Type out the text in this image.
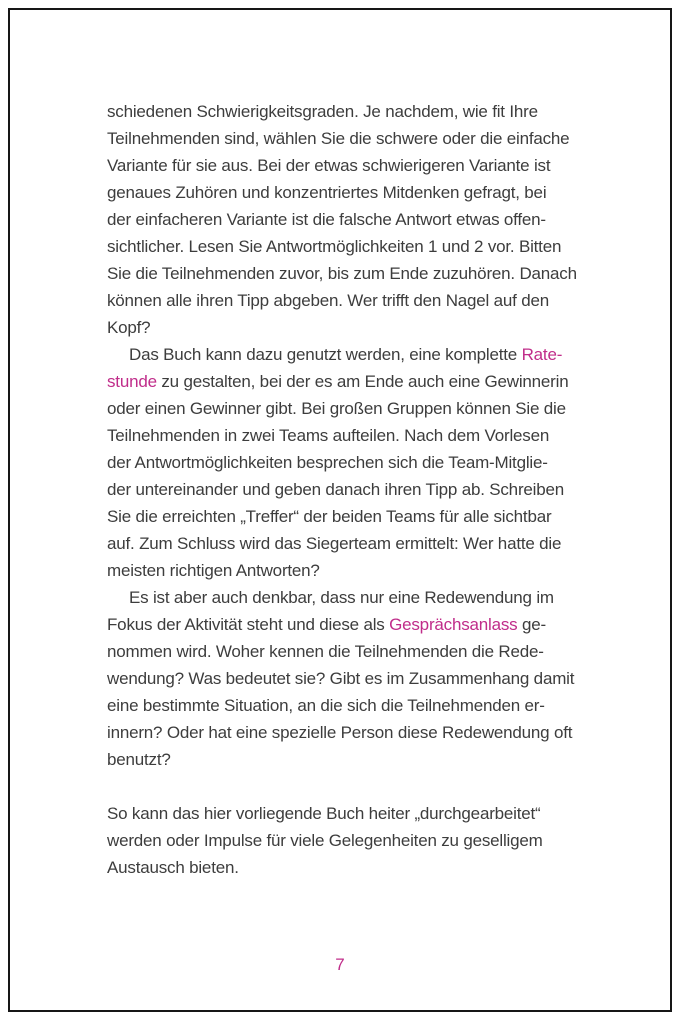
schiedenen Schwierigkeitsgraden. Je nachdem, wie fit Ihre
Teilnehmenden sind, wählen Sie die schwere oder die einfache
Variante für sie aus. Bei der etwas schwierigeren Variante ist
genaues Zuhören und konzentriertes Mitdenken gefragt, bei
der einfacheren Variante ist die falsche Antwort etwas offen-
sichtlicher. Lesen Sie Antwortmöglichkeiten 1 und 2 vor. Bitten
Sie die Teilnehmenden zuvor, bis zum Ende zuzuhören. Danach
können alle ihren Tipp abgeben. Wer trifft den Nagel auf den
Kopf?
Das Buch kann dazu genutzt werden, eine komplette Rate-
stunde zu gestalten, bei der es am Ende auch eine Gewinnerin
oder einen Gewinner gibt. Bei großen Gruppen können Sie die
Teilnehmenden in zwei Teams aufteilen. Nach dem Vorlesen
der Antwortmöglichkeiten besprechen sich die Team-Mitglie-
der untereinander und geben danach ihren Tipp ab. Schreiben
Sie die erreichten „Treffer“ der beiden Teams für alle sichtbar
auf. Zum Schluss wird das Siegerteam ermittelt: Wer hatte die
meisten richtigen Antworten?
Es ist aber auch denkbar, dass nur eine Redewendung im
Fokus der Aktivität steht und diese als Gesprächsanlass ge-
nommen wird. Woher kennen die Teilnehmenden die Rede-
wendung? Was bedeutet sie? Gibt es im Zusammenhang damit
eine bestimmte Situation, an die sich die Teilnehmenden er-
innern? Oder hat eine spezielle Person diese Redewendung oft
benutzt?
So kann das hier vorliegende Buch heiter „durchgearbeitet“
werden oder Impulse für viele Gelegenheiten zu geselligem
Austausch bieten.
7
